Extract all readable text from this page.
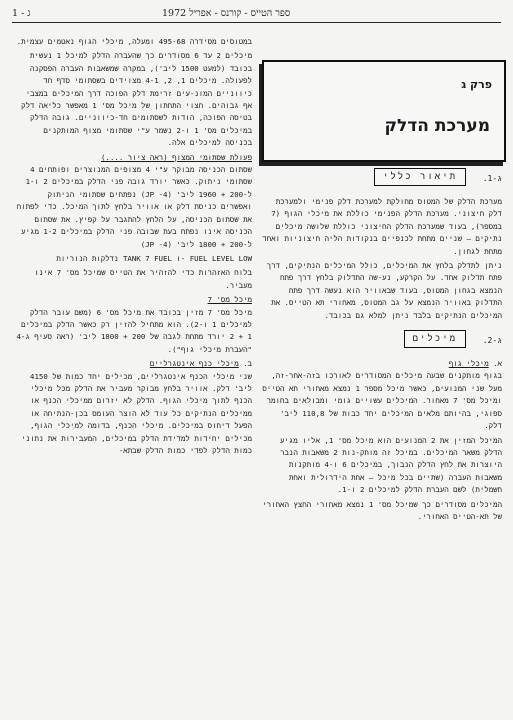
ג - 1	ספר הטייס - קורנס - אפריל 1972
פרק ג
מערכת הדלק
ג-1.
תיאור כללי

מערכת הדלק של המטוס מחולקת למערכת דלק פנימי ולמערכת דלק חיצוני. מערכת הדלק הפנימי כוללת את מיכלי הגוף (7 במספר), בעוד שמערכת הדלק החיצוני כוללת שלושה מיכלים נתיקים – שניים מתחת לכנפיים בנקודות הליה חיצוניות ואחד מתחת לגחון.

ניתן לתדלק בלחץ את המיכלים, כולל המיכלים הנתיקים, דרך פתח תדלוק אחד. על הקרקע, נע-שה התדלוק בלחץ דרך פתח הנמצא בגחון המטוס, בעוד שבאוויר הוא נעשה דרך פתח התדלוק באוויר הנמצא על גב המטוס, מאחורי תא הטייס. את המיכלים הנתיקים בלבד ניתן למלא גם בכובד.

ג-2.
מיכלים
א. מיכלי גוף

בגוף מותקנים שבעה מיכלים המסודרים לאורכו בזה-אחר-זה, מעל שני המנועים, כאשר מיכל מספר 1 נמצא מאחורי תא הטייס ומיכל מס' 7 מאחור. המיכלים עשויים גומי ומבולאים בחומר ספוגי, בהיותם מלאים המיכלים יחד כבות של 110,8 ליב' דלק.

המיכל המזין את 2 המנועים הוא מיכל מס' 1, אליו מגיע הדלק משאר המיכלים. במיכל זה מותק-נות 2 משאבות הנבר היוצרות את לחץ הדלק הנבוך, במיכלים 6 ו-4 מותקנות משאבות העברה (שתיים בכל מיכל – אחת הידרולית ואחת חשמלית) לשם העברת הדלק למיכלים 2 ו-1.

המיכלים מסודרים כך שמיכל מס' 1 נמצא מאחורי החצץ האחורי של תא-הטייס האחורי.

במטוסים מסידרה 495-68 ומעלה, מיכלי הגוף נאטמים עצמית.

מיכלים 2 עד 6 מסודרים כך שהעברה הדלק למיכל 1 נעשית בכובד (למעט 1500 ליב'), במקרה שמשאבות העברה הפסקנה לפעולה. מיכלים 1, 2, 4-1 מצוידים בשסתומי סדף חד כיווניים המונ-עים זרימת דלק הפוכה דרך המיכלים במצבי אף גבוהים. חצוי התחתון של מיכל מס' 1 מאפשר כליאה דלק בטיסה הפוכה, הודות לשסתומים חד-כיווניים. גובה הדלק במיכלים מס' 1 ו-2 נשמר ע"י שסתומי מצוף המותקנים בכניסה למיכלים אלה.

פעולת שסתומי המצוף (ראה ציור ....)

שסתום הכניסה מבוקר ע"י 4 מצופים המנוצרים ופותחים 4 שסתומי ניתוק. כאשר יורד גובה פני הדלק במיכלים 2 ו-1 ל-200 + 1960 ליב' (4- JP) נפתחים שסתומי הניתוק ואפשרים כניסת דלק או אוויר בלחץ לתוך המיכל. כדי לפתוח את שסתום הכניסה, על הלחץ להתגבר על קפיץ. את שסתום הכניסה אינו נפתח בעת שבובה פני הדלק במיכלים 1-2 מגיע ל-200 + 1800 ליב' (4- JP)

נדלקות הנוריות TANK 7 FUEL ו- FUEL LEVEL LOW

בלוח האזהרות כדי להזהיר את הטייס שמיכל מס' 7 אינו מעביר.

מיכל מס' 7

מיכל מס' 7 מזין בכובד את מיכל מס' 6 (משם עובר הדלק למיכלים 1 ו-2). הוא מתחיל להזין רק כאשר הדלק במיכלים 1 + 2 יורד מתחת לגבה של 200 + 1800 ליב' (ראה סעיף ג-4 "העברת מיכלי גוף").

ב. מיכלי כנף אינטגרליים

שני מיכלי הכנף אינטגרליים, מכילים יחד כמות של 4150 ליב' דלק. אוויר בלחץ מבוקר מעביר את הדלק מכל מיכלי הכנף לתוך מיכלי הגוף. הדלק לא יזרום ממיכלי הכנף או ממיכלים הנתיקים כל עוד לא הוצר העומס בכן-הנתיחה או הפעל דיחוס במיכלים. מיכלי הכנף, בדומה למיכלי הגוף, מכילים יחידות למדידת הדלק במיכלים, המעבירות את נתוני כמות הדלק לפדי כמות הדלק שבתא-
